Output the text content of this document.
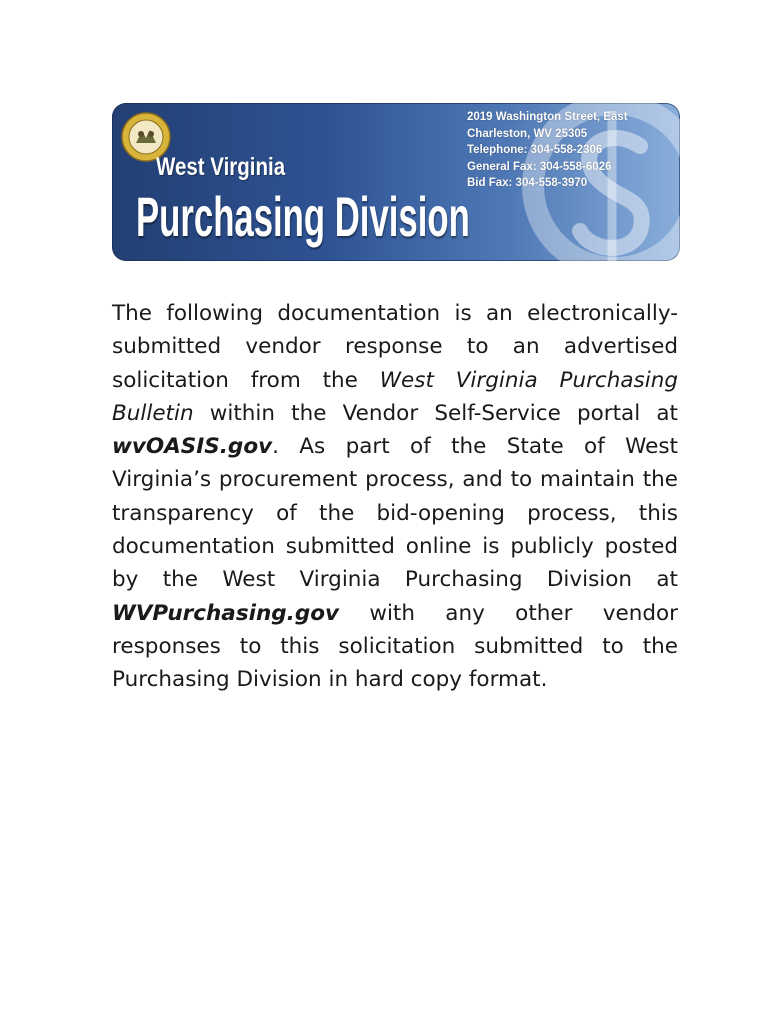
West Virginia
Purchasing Division
2019 Washington Street, East
Charleston, WV 25305
Telephone: 304-558-2306
General Fax: 304-558-6026
Bid Fax: 304-558-3970

The following documentation is an electronically-submitted vendor response to an advertised solicitation from the West Virginia Purchasing Bulletin within the Vendor Self-Service portal at wvOASIS.gov. As part of the State of West Virginia’s procurement process, and to maintain the transparency of the bid-opening process, this documentation submitted online is publicly posted by the West Virginia Purchasing Division at WVPurchasing.gov with any other vendor responses to this solicitation submitted to the Purchasing Division in hard copy format.
